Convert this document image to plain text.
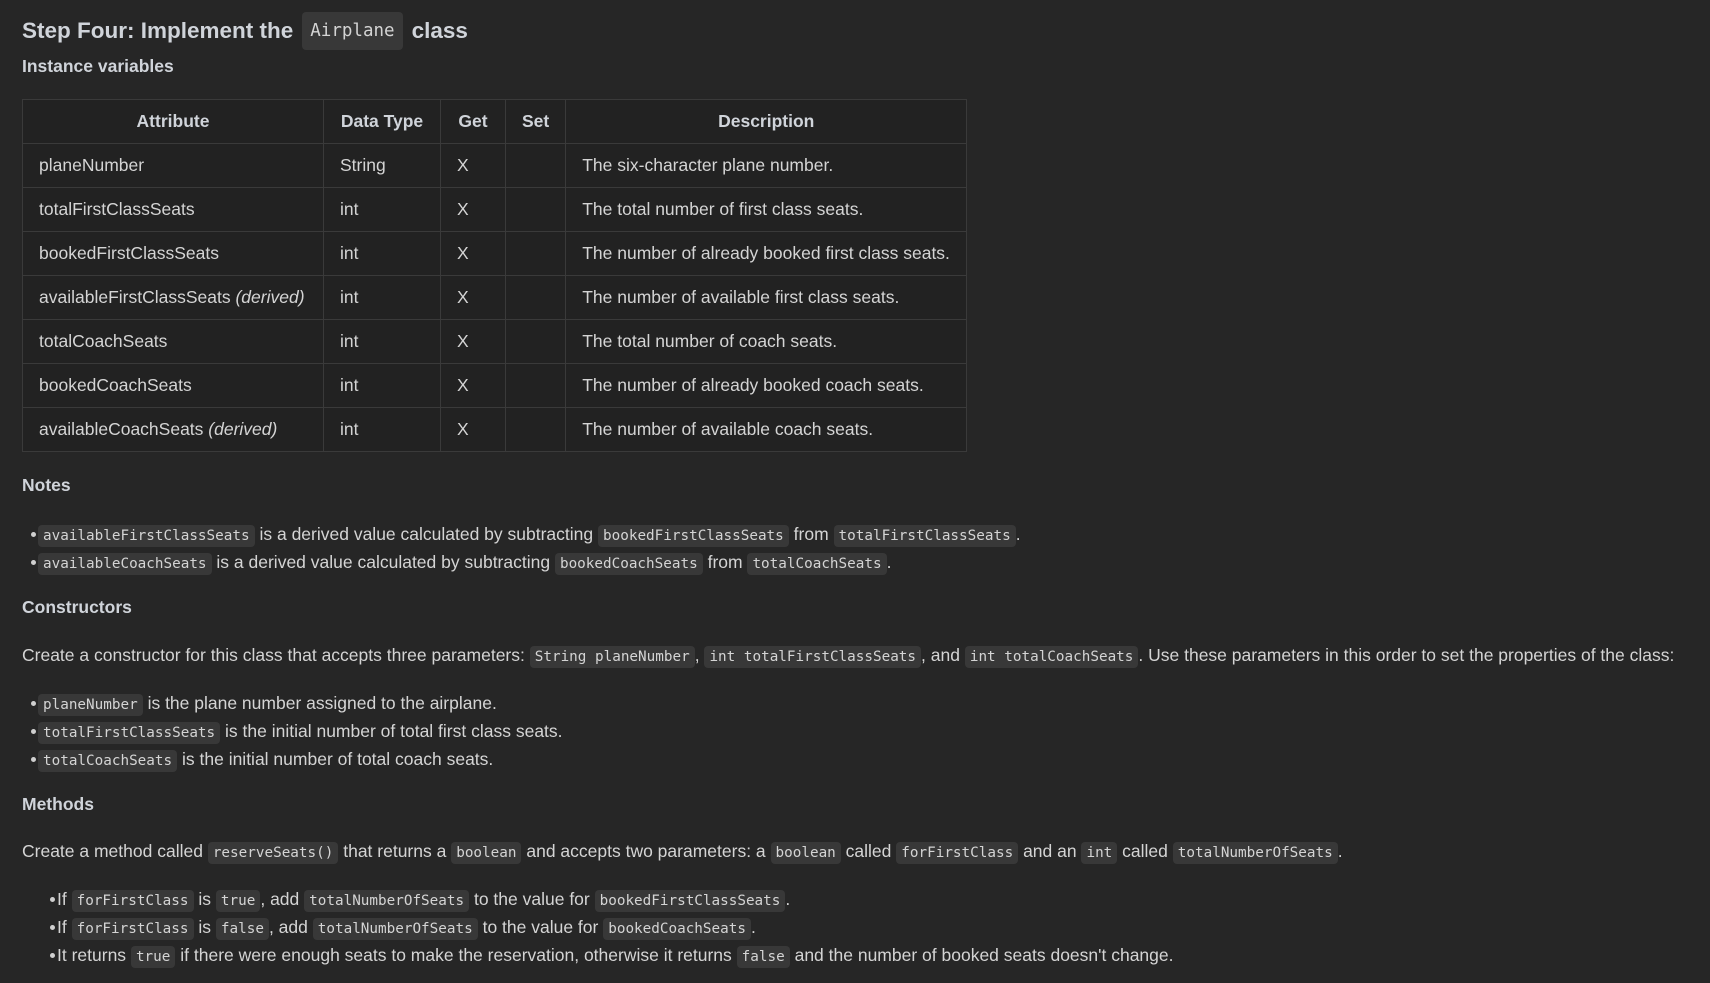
Step Four: Implement the Airplane class
Instance variables
Attribute	Data Type	Get	Set	Description
planeNumber	String	X		The six-character plane number.
totalFirstClassSeats	int	X		The total number of first class seats.
bookedFirstClassSeats	int	X		The number of already booked first class seats.
availableFirstClassSeats (derived)	int	X		The number of available first class seats.
totalCoachSeats	int	X		The total number of coach seats.
bookedCoachSeats	int	X		The number of already booked coach seats.
availableCoachSeats (derived)	int	X		The number of available coach seats.
Notes
availableFirstClassSeats is a derived value calculated by subtracting bookedFirstClassSeats from totalFirstClassSeats .
availableCoachSeats is a derived value calculated by subtracting bookedCoachSeats from totalCoachSeats .
Constructors

Create a constructor for this class that accepts three parameters: String planeNumber , int totalFirstClassSeats , and int totalCoachSeats . Use these parameters in this order to set the properties of the class:

planeNumber is the plane number assigned to the airplane.
totalFirstClassSeats is the initial number of total first class seats.
totalCoachSeats is the initial number of total coach seats.
Methods

Create a method called reserveSeats() that returns a boolean and accepts two parameters: a boolean called forFirstClass and an int called totalNumberOfSeats .

If forFirstClass is true , add totalNumberOfSeats to the value for bookedFirstClassSeats .
If forFirstClass is false , add totalNumberOfSeats to the value for bookedCoachSeats .
It returns true if there were enough seats to make the reservation, otherwise it returns false and the number of booked seats doesn't change.
